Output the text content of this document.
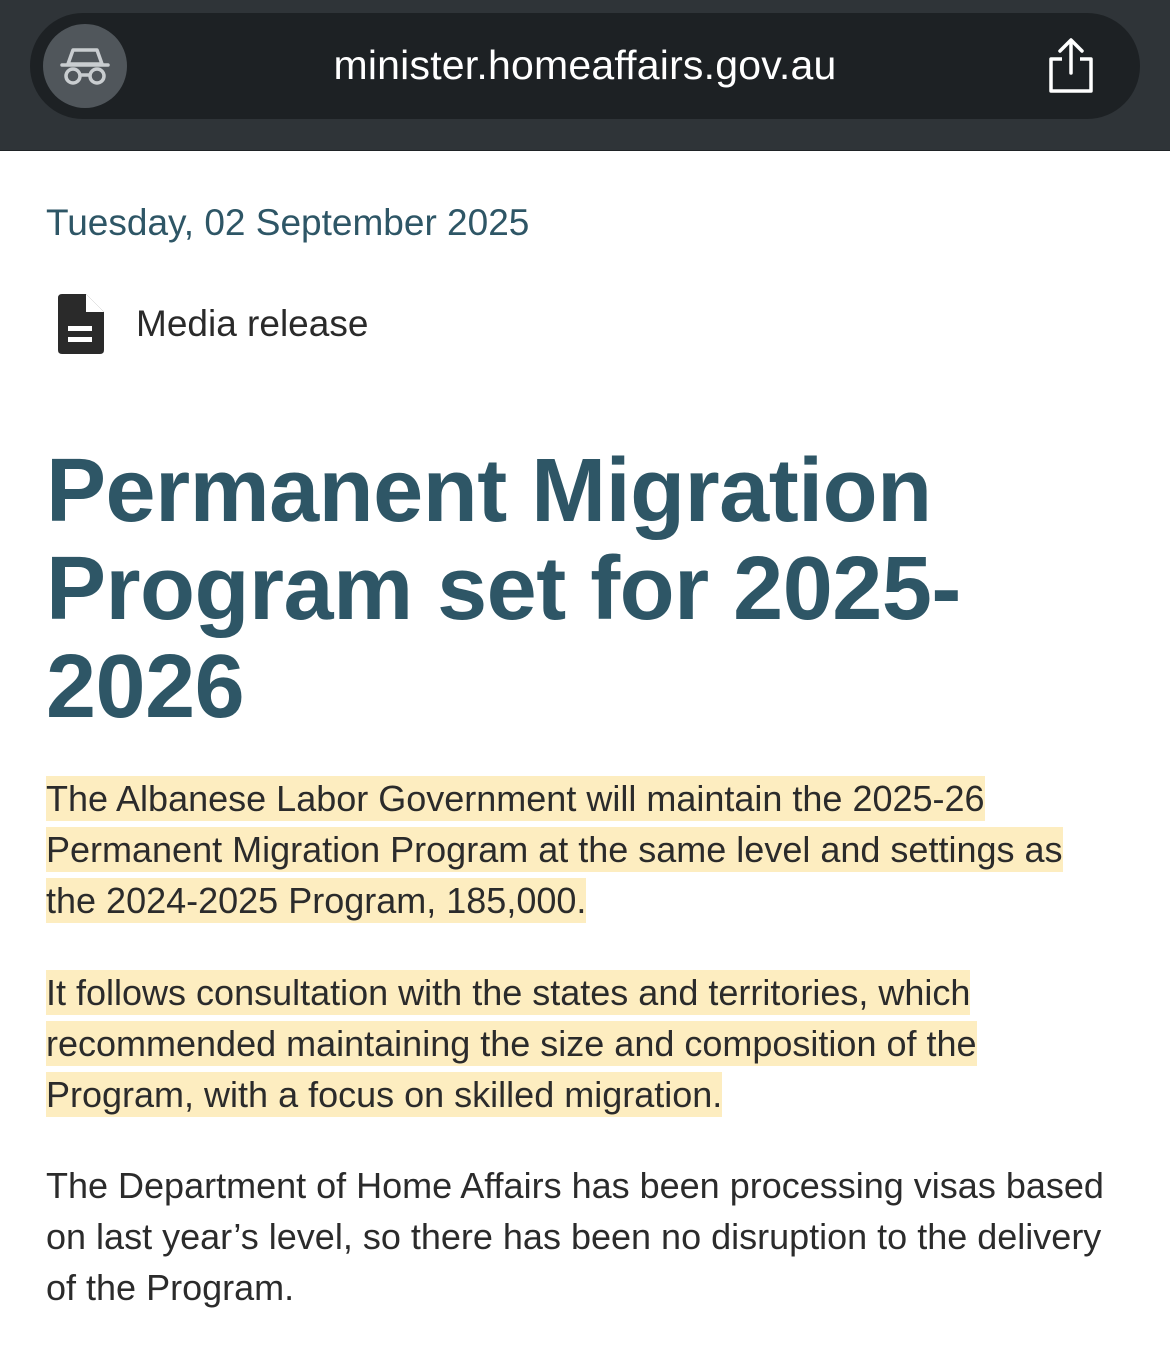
minister.homeaffairs.gov.au
Tuesday, 02 September 2025
Media release
Permanent Migration Program set for 2025-2026

The Albanese Labor Government will maintain the 2025-26 Permanent Migration Program at the same level and settings as the 2024-2025 Program, 185,000.

It follows consultation with the states and territories, which recommended maintaining the size and composition of the Program, with a focus on skilled migration.

The Department of Home Affairs has been processing visas based on last year’s level, so there has been no disruption to the delivery of the Program.
